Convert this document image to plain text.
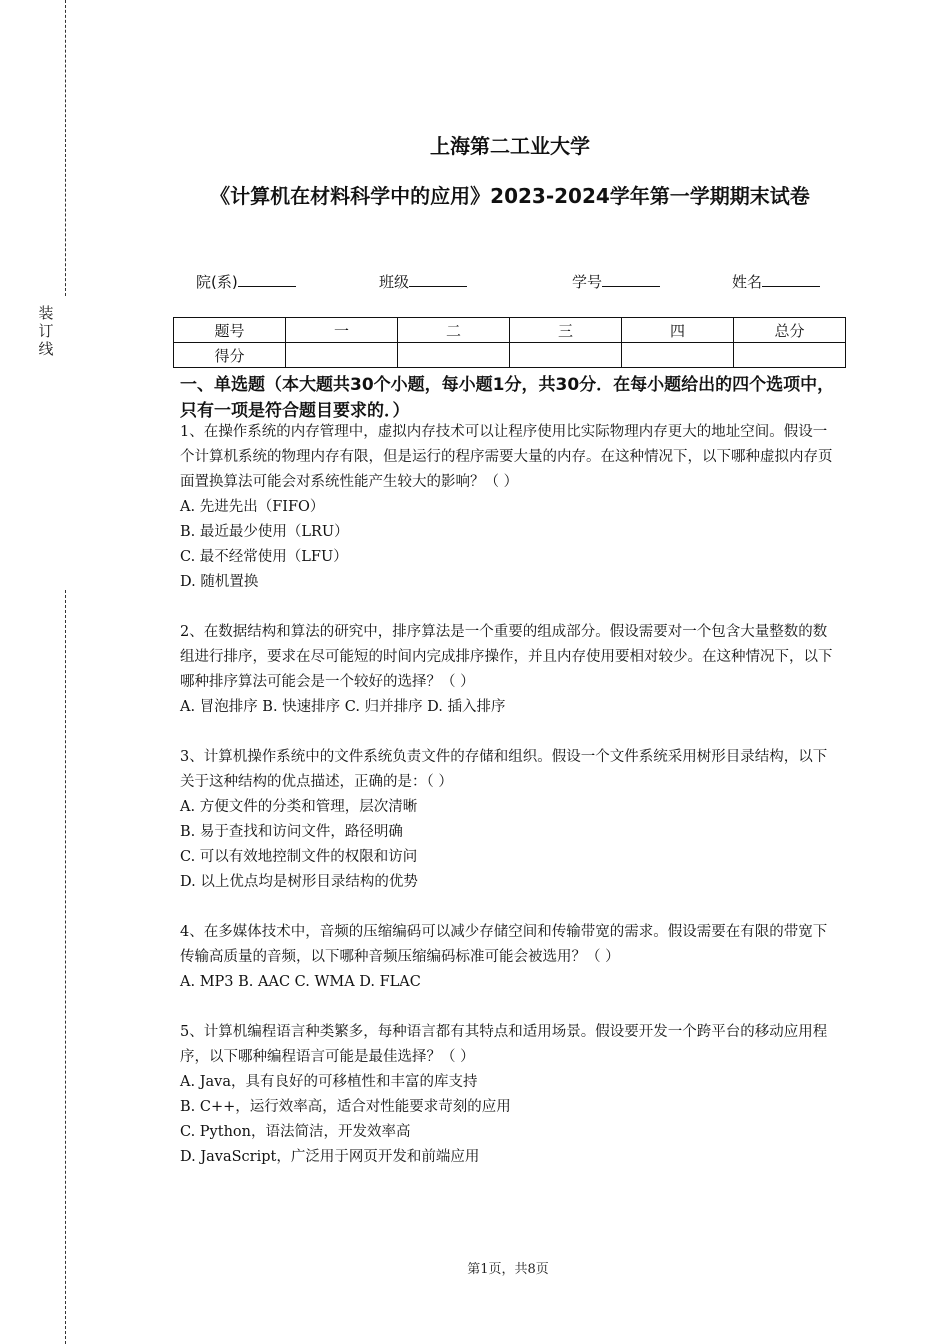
装
订
线
上海第二工业大学
《计算机在材料科学中的应用》2023-2024学年第一学期期末试卷
院(系)	班级	学号	姓名
题号	一	二	三	四	总分
得分					
一、单选题（本大题共30个小题，每小题1分，共30分．在每小题给出的四个选项中，只有一项是符合题目要求的．）

1、在操作系统的内存管理中，虚拟内存技术可以让程序使用比实际物理内存更大的地址空间。假设一个计算机系统的物理内存有限，但是运行的程序需要大量的内存。在这种情况下，以下哪种虚拟内存页面置换算法可能会对系统性能产生较大的影响？（ ）

A. 先进先出（FIFO）

B. 最近最少使用（LRU）

C. 最不经常使用（LFU）

D. 随机置换

2、在数据结构和算法的研究中，排序算法是一个重要的组成部分。假设需要对一个包含大量整数的数组进行排序，要求在尽可能短的时间内完成排序操作，并且内存使用要相对较少。在这种情况下，以下哪种排序算法可能会是一个较好的选择？（ ）

A. 冒泡排序 B. 快速排序 C. 归并排序 D. 插入排序

3、计算机操作系统中的文件系统负责文件的存储和组织。假设一个文件系统采用树形目录结构，以下关于这种结构的优点描述，正确的是：（ ）

A. 方便文件的分类和管理，层次清晰

B. 易于查找和访问文件，路径明确

C. 可以有效地控制文件的权限和访问

D. 以上优点均是树形目录结构的优势

4、在多媒体技术中，音频的压缩编码可以减少存储空间和传输带宽的需求。假设需要在有限的带宽下传输高质量的音频，以下哪种音频压缩编码标准可能会被选用？（ ）

A. MP3 B. AAC C. WMA D. FLAC

5、计算机编程语言种类繁多，每种语言都有其特点和适用场景。假设要开发一个跨平台的移动应用程序，以下哪种编程语言可能是最佳选择？（ ）

A. Java，具有良好的可移植性和丰富的库支持

B. C++，运行效率高，适合对性能要求苛刻的应用

C. Python，语法简洁，开发效率高

D. JavaScript，广泛用于网页开发和前端应用

第1页，共8页
